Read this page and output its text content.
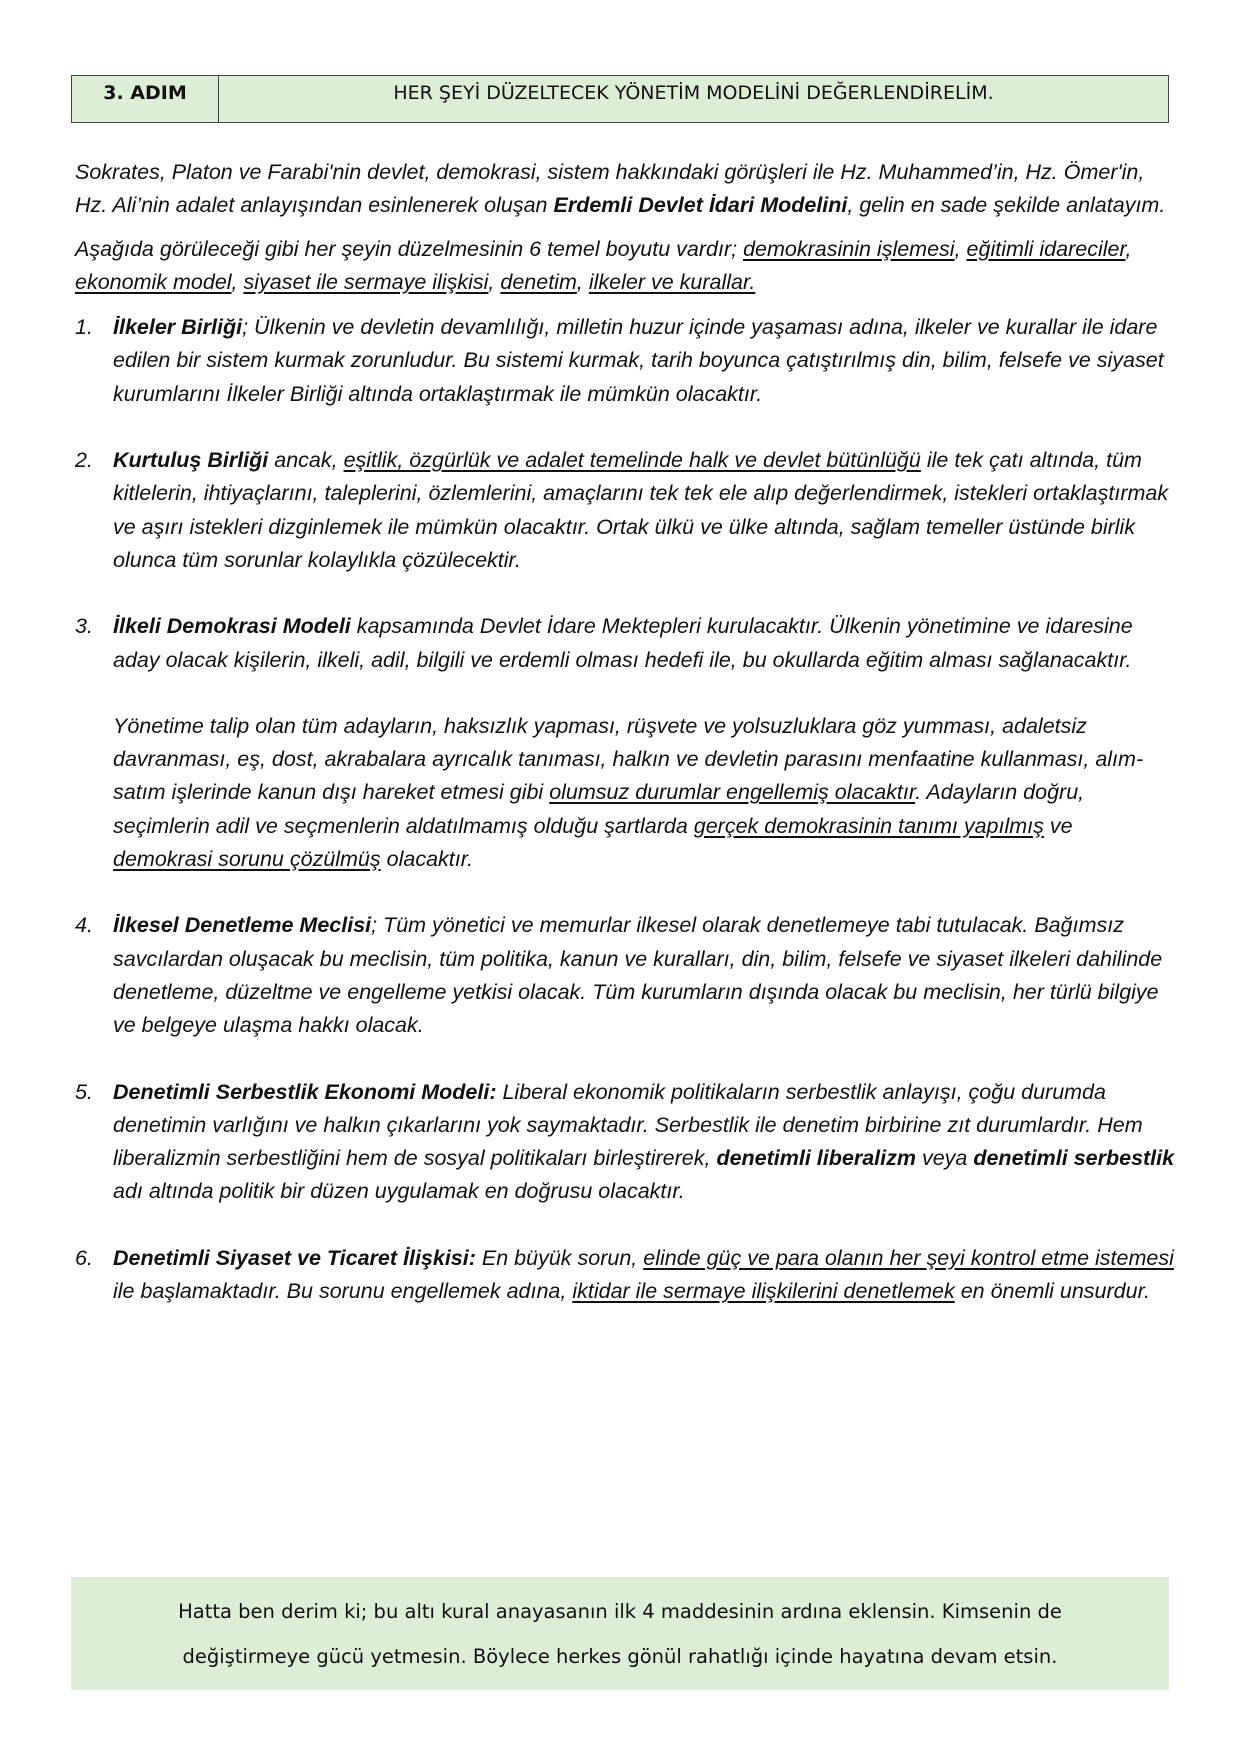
3. ADIM	HER ŞEYİ DÜZELTECEK YÖNETİM MODELİNİ DEĞERLENDİRELİM.

Sokrates, Platon ve Farabi'nin devlet, demokrasi, sistem hakkındaki görüşleri ile Hz. Muhammed’in, Hz. Ömer'in, Hz. Ali’nin adalet anlayışından esinlenerek oluşan Erdemli Devlet İdari Modelini, gelin en sade şekilde anlatayım.

Aşağıda görüleceği gibi her şeyin düzelmesinin 6 temel boyutu vardır; demokrasinin işlemesi, eğitimli idareciler, ekonomik model, siyaset ile sermaye ilişkisi, denetim, ilkeler ve kurallar.

1. İlkeler Birliği; Ülkenin ve devletin devamlılığı, milletin huzur içinde yaşaması adına, ilkeler ve kurallar ile idare edilen bir sistem kurmak zorunludur. Bu sistemi kurmak, tarih boyunca çatıştırılmış din, bilim, felsefe ve siyaset kurumlarını İlkeler Birliği altında ortaklaştırmak ile mümkün olacaktır.
2. Kurtuluş Birliği ancak, eşitlik, özgürlük ve adalet temelinde halk ve devlet bütünlüğü ile tek çatı altında, tüm kitlelerin, ihtiyaçlarını, taleplerini, özlemlerini, amaçlarını tek tek ele alıp değerlendirmek, istekleri ortaklaştırmak ve aşırı istekleri dizginlemek ile mümkün olacaktır. Ortak ülkü ve ülke altında, sağlam temeller üstünde birlik olunca tüm sorunlar kolaylıkla çözülecektir.
3. İlkeli Demokrasi Modeli kapsamında Devlet İdare Mektepleri kurulacaktır. Ülkenin yönetimine ve idaresine aday olacak kişilerin, ilkeli, adil, bilgili ve erdemli olması hedefi ile, bu okullarda eğitim alması sağlanacaktır.
Yönetime talip olan tüm adayların, haksızlık yapması, rüşvete ve yolsuzluklara göz yumması, adaletsiz davranması, eş, dost, akrabalara ayrıcalık tanıması, halkın ve devletin parasını menfaatine kullanması, alım-satım işlerinde kanun dışı hareket etmesi gibi olumsuz durumlar engellemiş olacaktır. Adayların doğru, seçimlerin adil ve seçmenlerin aldatılmamış olduğu şartlarda gerçek demokrasinin tanımı yapılmış ve demokrasi sorunu çözülmüş olacaktır.
4. İlkesel Denetleme Meclisi; Tüm yönetici ve memurlar ilkesel olarak denetlemeye tabi tutulacak. Bağımsız savcılardan oluşacak bu meclisin, tüm politika, kanun ve kuralları, din, bilim, felsefe ve siyaset ilkeleri dahilinde denetleme, düzeltme ve engelleme yetkisi olacak. Tüm kurumların dışında olacak bu meclisin, her türlü bilgiye ve belgeye ulaşma hakkı olacak.
5. Denetimli Serbestlik Ekonomi Modeli: Liberal ekonomik politikaların serbestlik anlayışı, çoğu durumda denetimin varlığını ve halkın çıkarlarını yok saymaktadır. Serbestlik ile denetim birbirine zıt durumlardır. Hem liberalizmin serbestliğini hem de sosyal politikaları birleştirerek, denetimli liberalizm veya denetimli serbestlik adı altında politik bir düzen uygulamak en doğrusu olacaktır.
6. Denetimli Siyaset ve Ticaret İlişkisi: En büyük sorun, elinde güç ve para olanın her şeyi kontrol etme istemesi ile başlamaktadır. Bu sorunu engellemek adına, iktidar ile sermaye ilişkilerini denetlemek en önemli unsurdur.
Hatta ben derim ki; bu altı kural anayasanın ilk 4 maddesinin ardına eklensin. Kimsenin de
değiştirmeye gücü yetmesin. Böylece herkes gönül rahatlığı içinde hayatına devam etsin.
